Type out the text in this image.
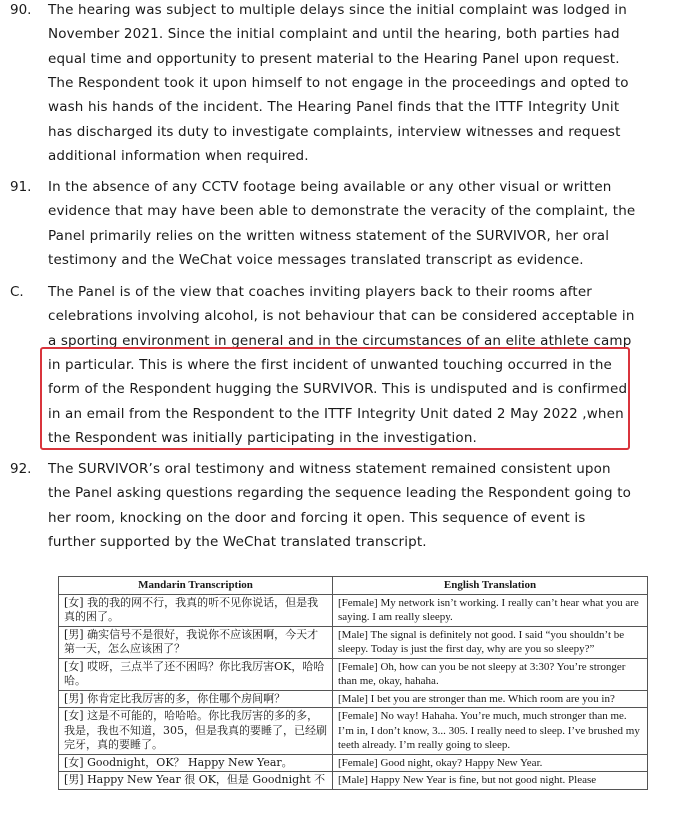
90. The hearing was subject to multiple delays since the initial complaint was lodged in
November 2021. Since the initial complaint and until the hearing, both parties had
equal time and opportunity to present material to the Hearing Panel upon request.
The Respondent took it upon himself to not engage in the proceedings and opted to
wash his hands of the incident. The Hearing Panel finds that the ITTF Integrity Unit
has discharged its duty to investigate complaints, interview witnesses and request
additional information when required.
91. In the absence of any CCTV footage being available or any other visual or written
evidence that may have been able to demonstrate the veracity of the complaint, the
Panel primarily relies on the written witness statement of the SURVIVOR, her oral
testimony and the WeChat voice messages translated transcript as evidence.
C. The Panel is of the view that coaches inviting players back to their rooms after
celebrations involving alcohol, is not behaviour that can be considered acceptable in
a sporting environment in general and in the circumstances of an elite athlete camp
in particular. This is where the first incident of unwanted touching occurred in the
form of the Respondent hugging the SURVIVOR. This is undisputed and is confirmed
in an email from the Respondent to the ITTF Integrity Unit dated 2 May 2022 ,when
the Respondent was initially participating in the investigation.
92. The SURVIVOR’s oral testimony and witness statement remained consistent upon
the Panel asking questions regarding the sequence leading the Respondent going to
her room, knocking on the door and forcing it open. This sequence of event is
further supported by the WeChat translated transcript.
Mandarin Transcription	English Translation
[女] 我的我的网不行，我真的听不见你说话，但是我真的困了。	[Female] My network isn’t working. I really can’t hear what you are saying. I am really sleepy.
[男] 确实信号不是很好，我说你不应该困啊，今天才第一天，怎么应该困了？	[Male] The signal is definitely not good. I said “you shouldn’t be sleepy. Today is just the first day, why are you so sleepy?”
[女] 哎呀，三点半了还不困吗？你比我厉害OK，哈哈哈。	[Female] Oh, how can you be not sleepy at 3:30? You’re stronger than me, okay, hahaha.
[男] 你肯定比我厉害的多，你住哪个房间啊？	[Male] I bet you are stronger than me. Which room are you in?
[女] 这是不可能的，哈哈哈。你比我厉害的多的多，我是，我也不知道，305，但是我真的要睡了，已经刷完牙，真的要睡了。	[Female] No way! Hahaha. You’re much, much stronger than me. I’m in, I don’t know, 3... 305. I really need to sleep. I’ve brushed my teeth already. I’m really going to sleep.
[女] Goodnight，OK？ Happy New Year。	[Female] Good night, okay? Happy New Year.
[男] Happy New Year 很 OK，但是 Goodnight 不	[Male] Happy New Year is fine, but not good night. Please
